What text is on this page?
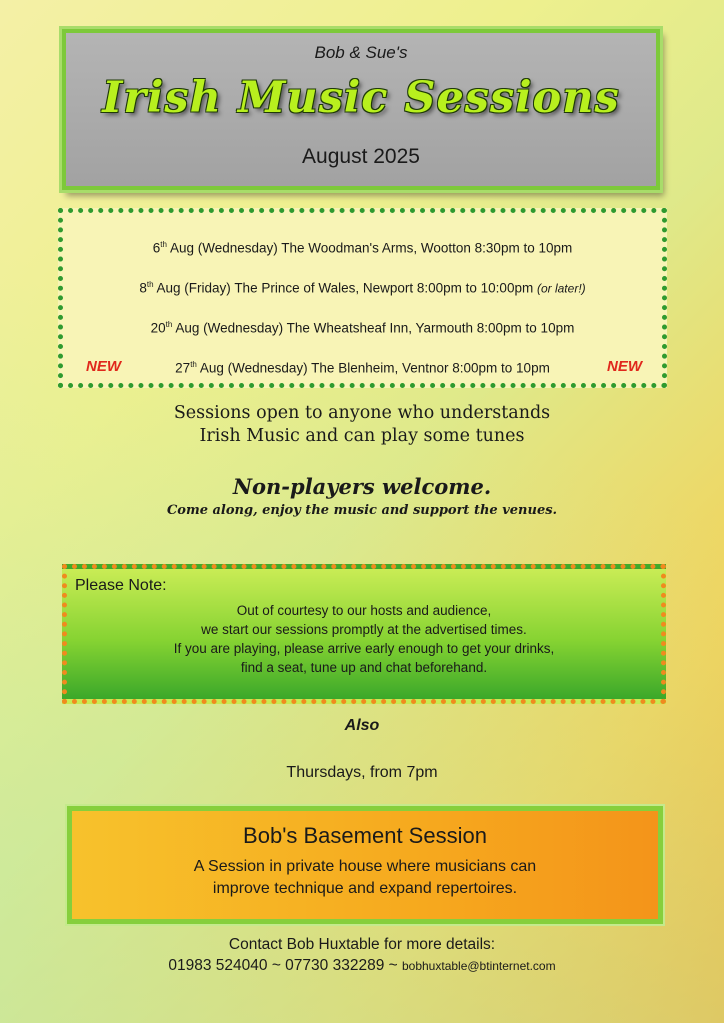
Bob & Sue's
Irish Music Sessions
August 2025
6th Aug (Wednesday) The Woodman's Arms, Wootton 8:30pm to 10pm
8th Aug (Friday) The Prince of Wales, Newport 8:00pm to 10:00pm (or later!)
20th Aug (Wednesday) The Wheatsheaf Inn, Yarmouth 8:00pm to 10pm
27th Aug (Wednesday) The Blenheim, Ventnor 8:00pm to 10pm
NEW	NEW
Sessions open to anyone who understands
Irish Music and can play some tunes
Non-players welcome.
Come along, enjoy the music and support the venues.
Please Note:
Out of courtesy to our hosts and audience,
we start our sessions promptly at the advertised times.
If you are playing, please arrive early enough to get your drinks,
find a seat, tune up and chat beforehand.
Also
Thursdays, from 7pm
Bob's Basement Session
A Session in private house where musicians can
improve technique and expand repertoires.
Contact Bob Huxtable for more details:
01983 524040 ~ 07730 332289 ~ bobhuxtable@btinternet.com
